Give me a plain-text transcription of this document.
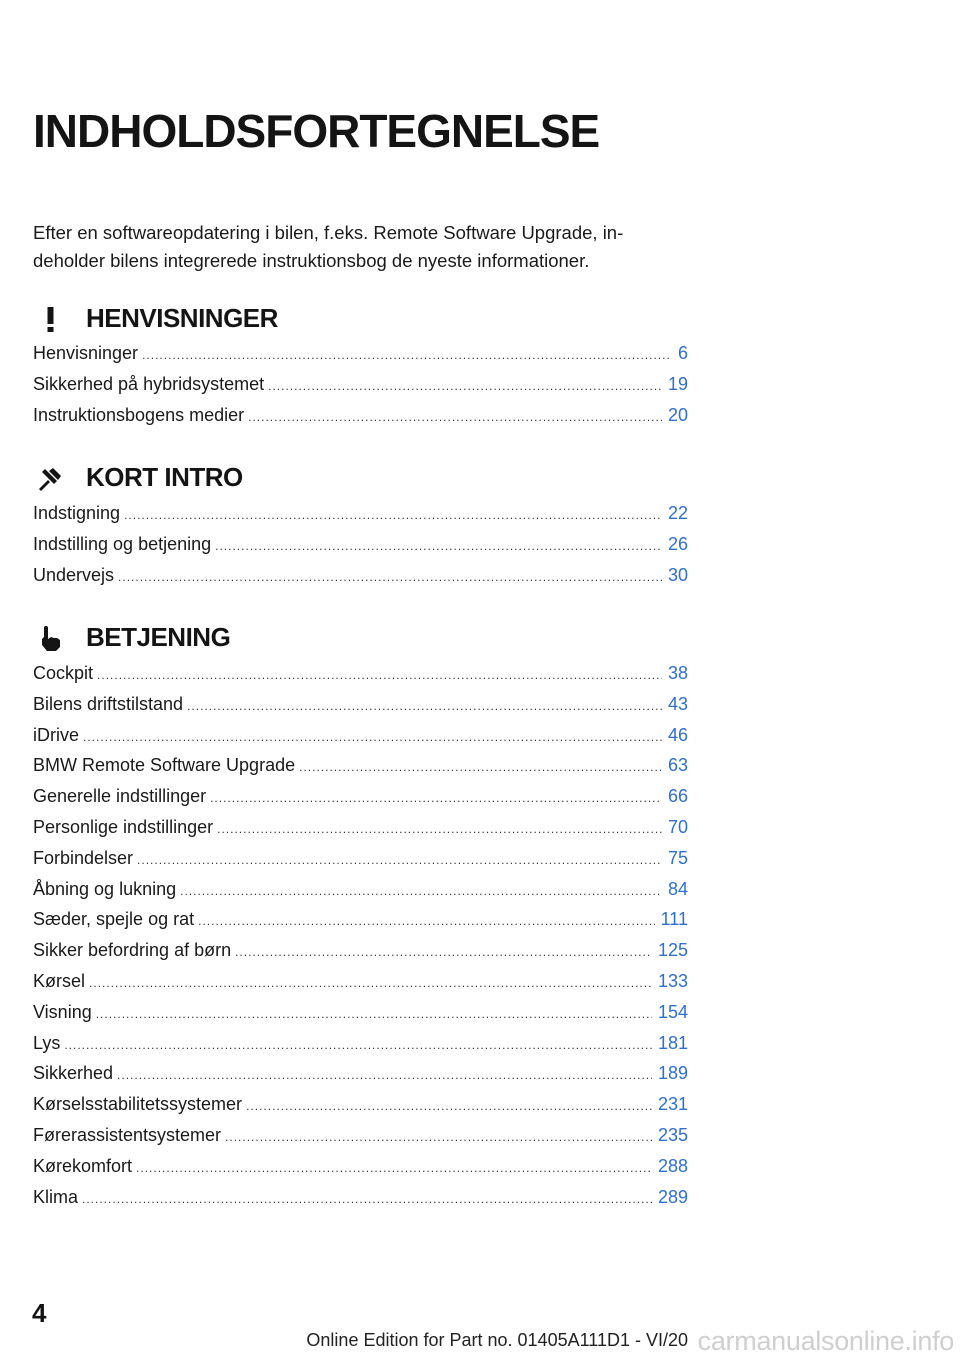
INDHOLDSFORTEGNELSE

Efter en softwareopdatering i bilen, f.eks. Remote Software Upgrade, in-
deholder bilens integrerede instruktionsbog de nyeste informationer.

HENVISNINGER
Henvisninger .....	6
Sikkerhed på hybridsystemet .....	19
Instruktionsbogens medier .....	20
KORT INTRO
Indstigning .....	22
Indstilling og betjening .....	26
Undervejs .....	30
BETJENING
Cockpit .....	38
Bilens driftstilstand .....	43
iDrive .....	46
BMW Remote Software Upgrade .....	63
Generelle indstillinger .....	66
Personlige indstillinger .....	70
Forbindelser .....	75
Åbning og lukning .....	84
Sæder, spejle og rat .....	111
Sikker befordring af børn .....	125
Kørsel .....	133
Visning .....	154
Lys .....	181
Sikkerhed .....	189
Kørselsstabilitetssystemer .....	231
Førerassistentsystemer .....	235
Kørekomfort .....	288
Klima .....	289
4
Online Edition for Part no. 01405A111D1 - VI/20 carmanualsonline.info
